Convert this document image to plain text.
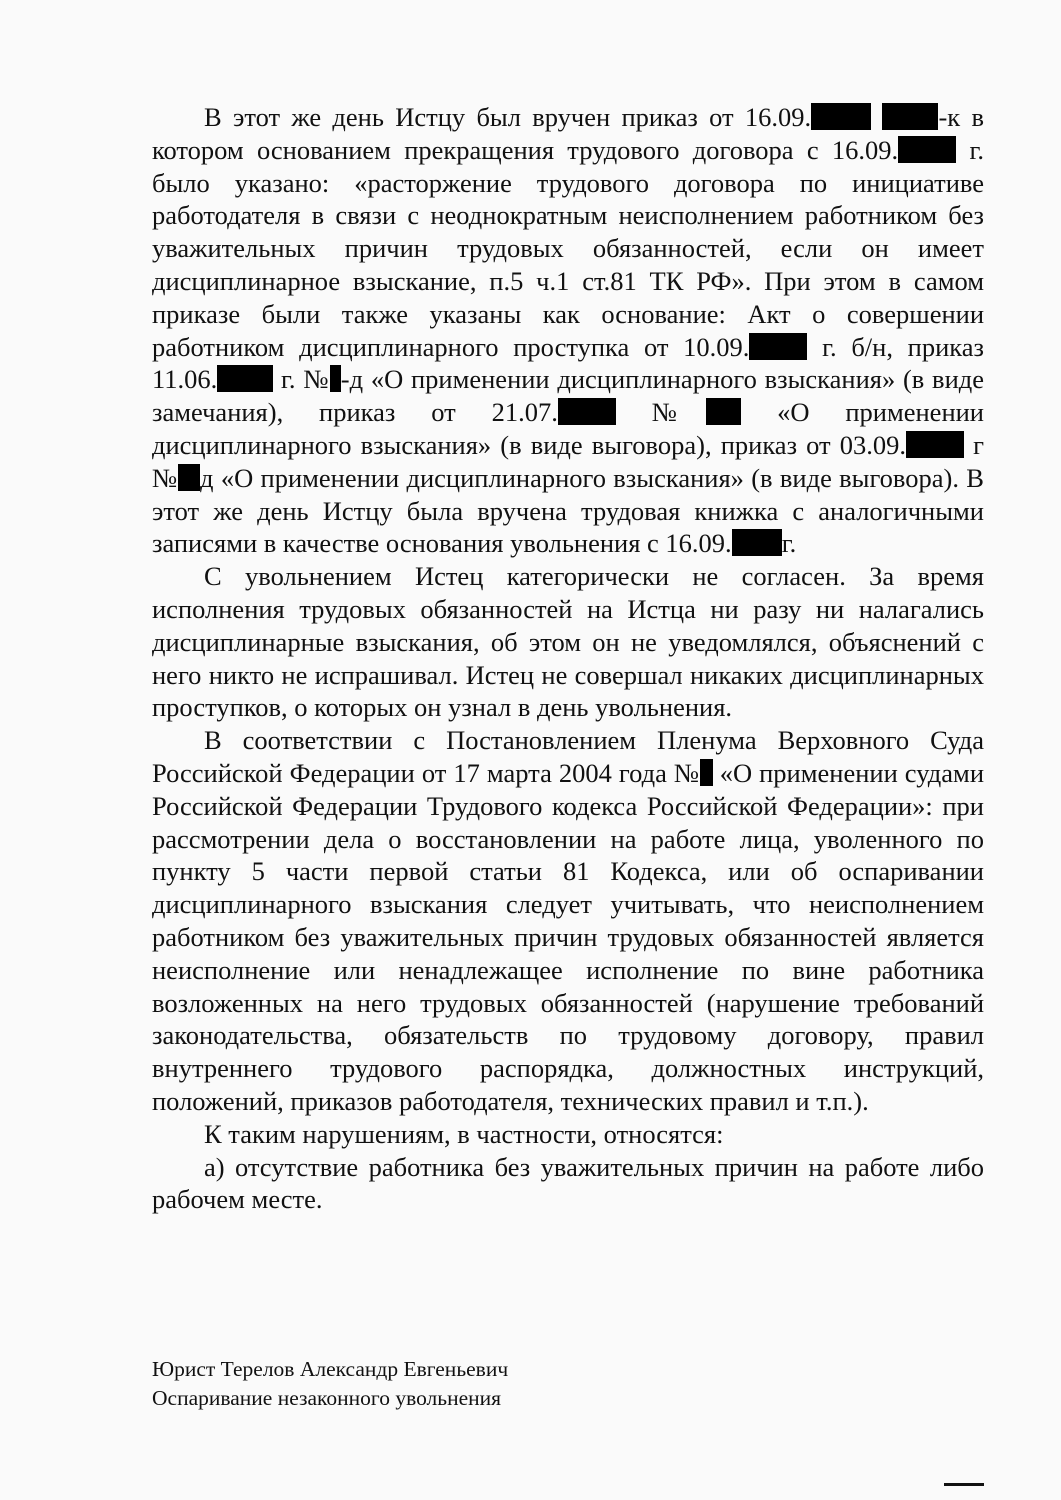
В этот же день Истцу был вручен приказ от 16.09.	-к в котором основанием прекращения трудового договора с 16.09. г. было указано: «расторжение трудового договора по инициативе работодателя в связи с неоднократным неисполнением работником без уважительных причин трудовых обязанностей, если он имеет дисциплинарное взыскание, п.5 ч.1 ст.81 ТК РФ». При этом в самом приказе были также указаны как основание: Акт о совершении работником дисциплинарного проступка от 10.09. г. б/н, приказ 11.06. г. № -д «О применении дисциплинарного взыскания» (в виде замечания), приказ от 21.07. № «О применении дисциплинарного взыскания» (в виде выговора), приказ от 03.09. г № д «О применении дисциплинарного взыскания» (в виде выговора). В этот же день Истцу была вручена трудовая книжка с аналогичными записями в качестве основания увольнения с 16.09. г.

С увольнением Истец категорически не согласен. За время исполнения трудовых обязанностей на Истца ни разу ни налагались дисциплинарные взыскания, об этом он не уведомлялся, объяснений с него никто не испрашивал. Истец не совершал никаких дисциплинарных проступков, о которых он узнал в день увольнения.

В соответствии с Постановлением Пленума Верховного Суда Российской Федерации от 17 марта 2004 года № «О применении судами Российской Федерации Трудового кодекса Российской Федерации»: при рассмотрении дела о восстановлении на работе лица, уволенного по пункту 5 части первой статьи 81 Кодекса, или об оспаривании дисциплинарного взыскания следует учитывать, что неисполнением работником без уважительных причин трудовых обязанностей является неисполнение или ненадлежащее исполнение по вине работника возложенных на него трудовых обязанностей (нарушение требований законодательства, обязательств по трудовому договору, правил внутреннего трудового распорядка, должностных инструкций, положений, приказов работодателя, технических правил и т.п.).

К таким нарушениям, в частности, относятся:

а) отсутствие работника без уважительных причин на работе либо рабочем месте.

Юрист Терелов Александр Евгеньевич
Оспаривание незаконного увольнения
